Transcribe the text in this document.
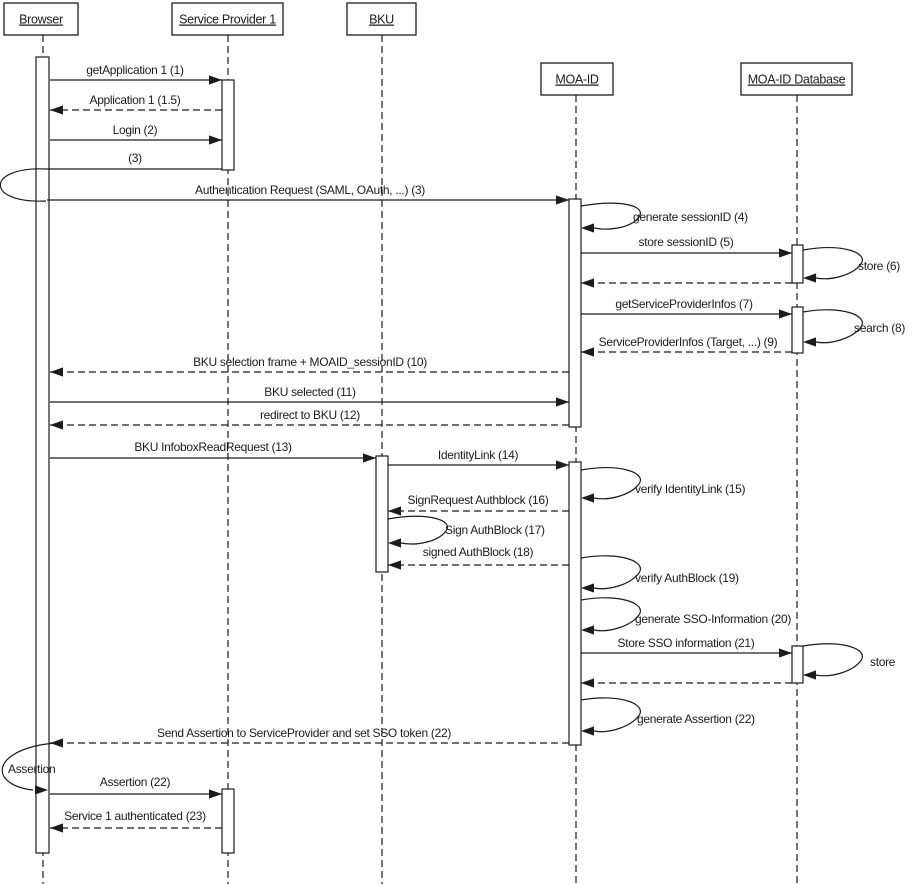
Assertion
getApplication 1 (1)
Application 1 (1.5)
Login (2)
(3)
Authentication Request (SAML, OAuth, ...) (3)
store sessionID (5)
getServiceProviderInfos (7)
ServiceProviderInfos (Target, ...) (9)
BKU selection frame + MOAID_sessionID (10)
BKU selected (11)
redirect to BKU (12)
BKU InfoboxReadRequest (13)
IdentityLink (14)
SignRequest Authblock (16)
signed AuthBlock (18)
Store SSO information (21)
Send Assertion to ServiceProvider and set SSO token (22)
Assertion (22)
Service 1 authenticated (23)
generate sessionID (4)
store (6)
search (8)
verify IdentityLink (15)
Sign AuthBlock (17)
verify AuthBlock (19)
generate SSO-Information (20)
store
generate Assertion (22)
Browser	Service Provider 1	BKU
MOA-ID	MOA-ID Database
